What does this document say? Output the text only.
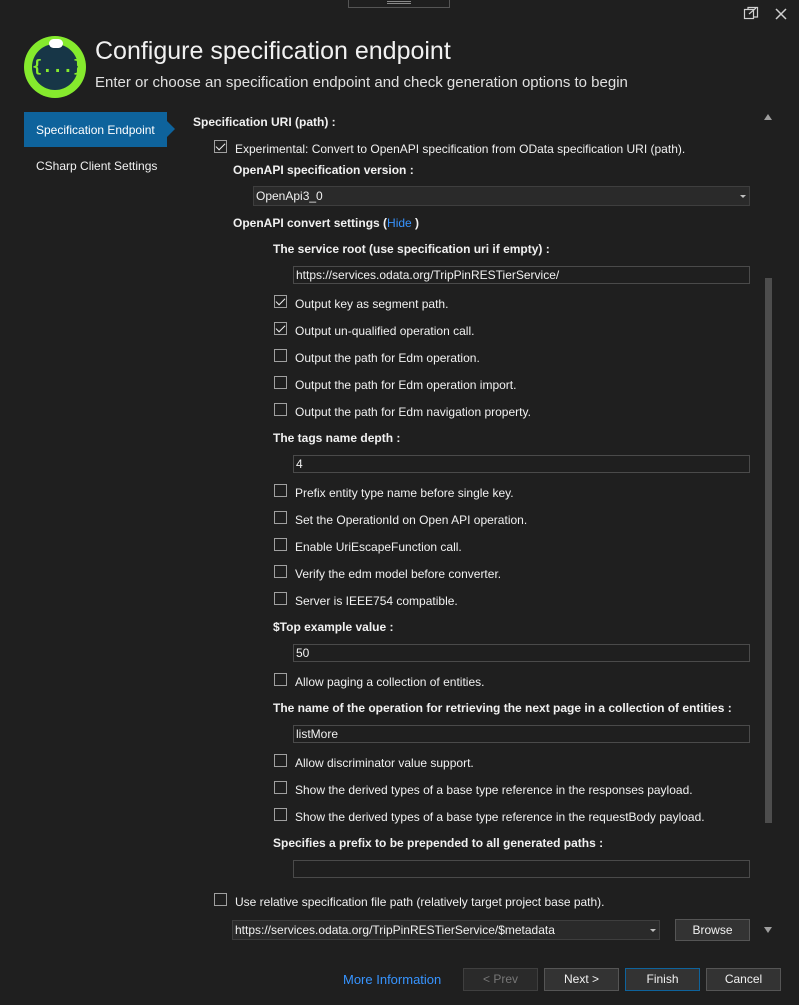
{...}
Configure specification endpoint
Enter or choose an specification endpoint and check generation options to begin
Specification Endpoint
CSharp Client Settings
Specification URI (path) :
Experimental: Convert to OpenAPI specification from OData specification URI (path).
OpenAPI specification version :
OpenApi3_0
OpenAPI convert settings (Hide )
The service root (use specification uri if empty) :
https://services.odata.org/TripPinRESTierService/
Output key as segment path.
Output un-qualified operation call.
Output the path for Edm operation.
Output the path for Edm operation import.
Output the path for Edm navigation property.
The tags name depth :
4
Prefix entity type name before single key.
Set the OperationId on Open API operation.
Enable UriEscapeFunction call.
Verify the edm model before converter.
Server is IEEE754 compatible.
$Top example value :
50
Allow paging a collection of entities.
The name of the operation for retrieving the next page in a collection of entities :
listMore
Allow discriminator value support.
Show the derived types of a base type reference in the responses payload.
Show the derived types of a base type reference in the requestBody payload.
Specifies a prefix to be prepended to all generated paths :
Use relative specification file path (relatively target project base path).
https://services.odata.org/TripPinRESTierService/$metadata	Browse
More Information	< Prev	Next >	Finish	Cancel
